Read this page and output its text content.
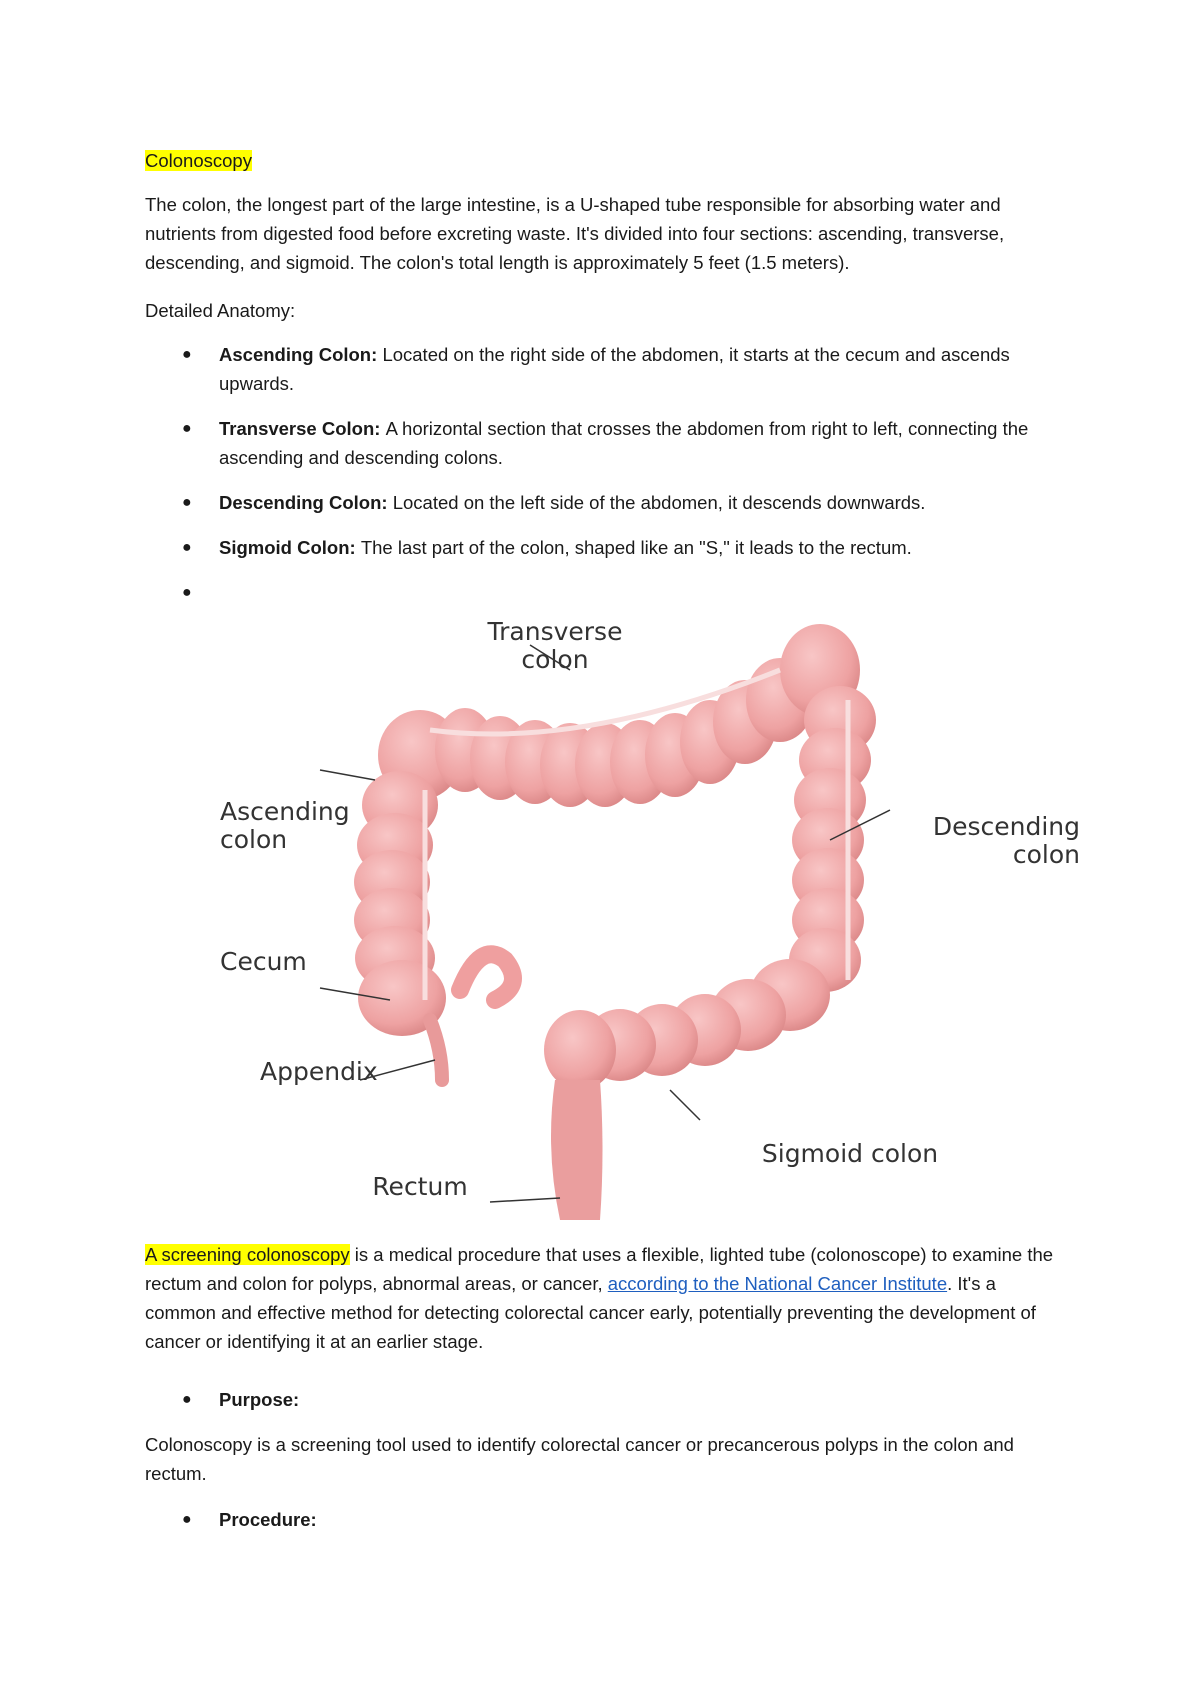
Colonoscopy

The colon, the longest part of the large intestine, is a U-shaped tube responsible for absorbing water and nutrients from digested food before excreting waste. It's divided into four sections: ascending, transverse, descending, and sigmoid. The colon's total length is approximately 5 feet (1.5 meters).

Detailed Anatomy:

● Ascending Colon: Located on the right side of the abdomen, it starts at the cecum and ascends upwards.
● Transverse Colon: A horizontal section that crosses the abdomen from right to left, connecting the ascending and descending colons.
● Descending Colon: Located on the left side of the abdomen, it descends downwards.
● Sigmoid Colon: The last part of the colon, shaped like an "S," it leads to the rectum.
●

Transverse
colon
Ascending
colon	Descending
colon
Cecum
Appendix
Sigmoid colon
Rectum

A screening colonoscopy is a medical procedure that uses a flexible, lighted tube (colonoscope) to examine the rectum and colon for polyps, abnormal areas, or cancer, according to the National Cancer Institute. It's a common and effective method for detecting colorectal cancer early, potentially preventing the development of cancer or identifying it at an earlier stage.

● Purpose:

Colonoscopy is a screening tool used to identify colorectal cancer or precancerous polyps in the colon and rectum.

● Procedure:
